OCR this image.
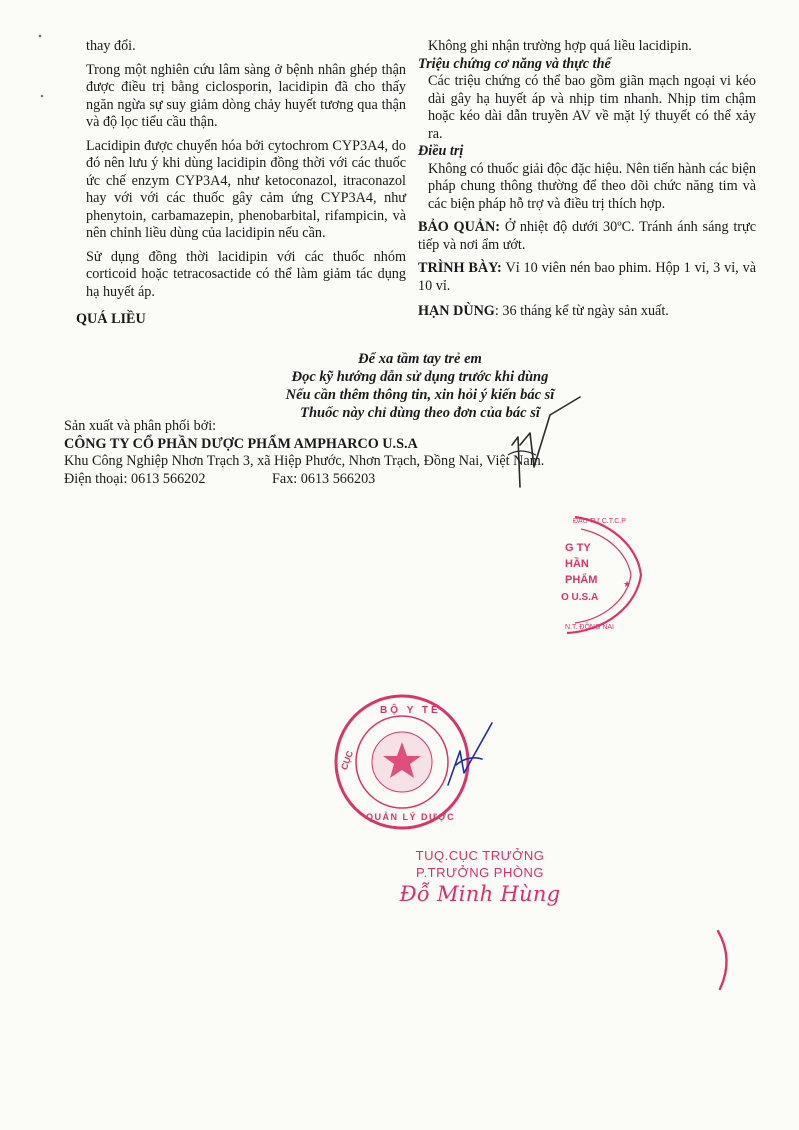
thay đổi.

Trong một nghiên cứu lâm sàng ở bệnh nhân ghép thận được điều trị bằng ciclosporin, lacidipin đã cho thấy ngăn ngừa sự suy giảm dòng chảy huyết tương qua thận và độ lọc tiểu cầu thận.

Lacidipin được chuyển hóa bởi cytochrom CYP3A4, do đó nên lưu ý khi dùng lacidipin đồng thời với các thuốc ức chế enzym CYP3A4, như ketoconazol, itraconazol hay với với các thuốc gây cảm ứng CYP3A4, như phenytoin, carbamazepin, phenobarbital, rifampicin, và nên chỉnh liều dùng của lacidipin nếu cần.

Sử dụng đồng thời lacidipin với các thuốc nhóm corticoid hoặc tetracosactide có thể làm giảm tác dụng hạ huyết áp.

QUÁ LIỀU

Không ghi nhận trường hợp quá liều lacidipin.

Triệu chứng cơ năng và thực thể

Các triệu chứng có thể bao gồm giãn mạch ngoại vi kéo dài gây hạ huyết áp và nhịp tim nhanh. Nhịp tim chậm hoặc kéo dài dẫn truyền AV về mặt lý thuyết có thể xảy ra.

Điều trị

Không có thuốc giải độc đặc hiệu. Nên tiến hành các biện pháp chung thông thường để theo dõi chức năng tim và các biện pháp hỗ trợ và điều trị thích hợp.

BẢO QUẢN: Ở nhiệt độ dưới 30ºC. Tránh ánh sáng trực tiếp và nơi ẩm ướt.

TRÌNH BÀY: Vỉ 10 viên nén bao phim. Hộp 1 vỉ, 3 vỉ, và 10 vỉ.

HẠN DÙNG: 36 tháng kể từ ngày sản xuất.

Để xa tầm tay trẻ em
Đọc kỹ hướng dẫn sử dụng trước khi dùng
Nếu cần thêm thông tin, xin hỏi ý kiến bác sĩ
Thuốc này chỉ dùng theo đơn của bác sĩ
Sản xuất và phân phối bởi:
CÔNG TY CỔ PHẦN DƯỢC PHẨM AMPHARCO U.S.A
Khu Công Nghiệp Nhơn Trạch 3, xã Hiệp Phước, Nhơn Trạch, Đồng Nai, Việt Nam.
Điện thoại: 0613 566202	Fax: 0613 566203
G TY
HẦN
PHẨM
O U.S.A
ĐẦU TƯ C.T.C.P
N.T. ĐỒNG NAI
★
BỘ Y TẾ
CỤC
QUẢN LÝ DƯỢC
TUQ.CỤC TRƯỞNG
P.TRƯỞNG PHÒNG
Đỗ Minh Hùng
